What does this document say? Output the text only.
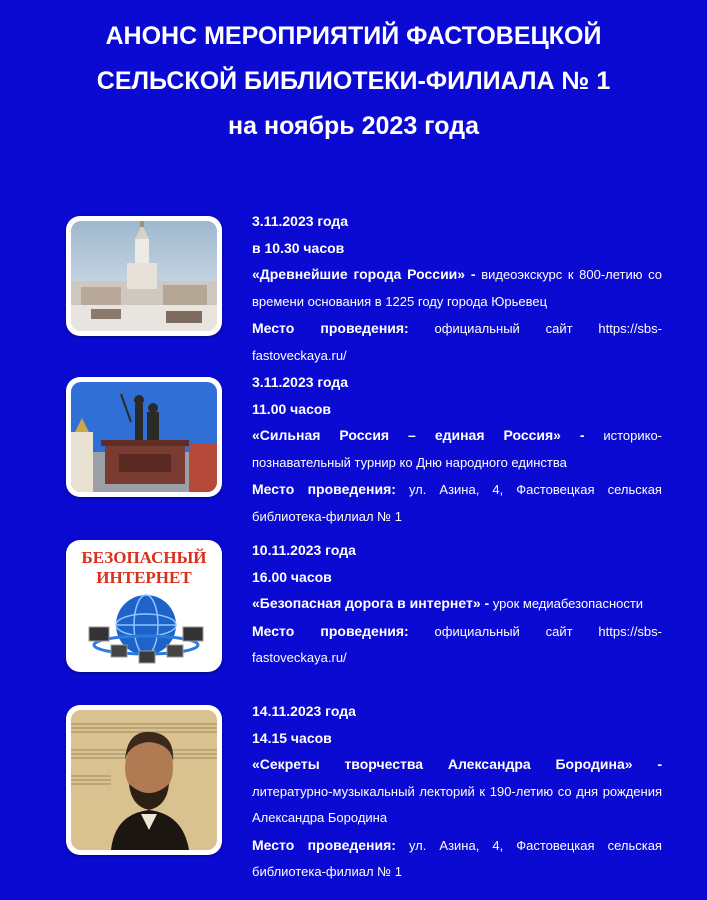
АНОНС МЕРОПРИЯТИЙ ФАСТОВЕЦКОЙ
СЕЛЬСКОЙ БИБЛИОТЕКИ-ФИЛИАЛА № 1
на ноябрь 2023 года
3.11.2023 года
в 10.30 часов
«Древнейшие города России» - видеоэкскурс к 800-летию со времени основания в 1225 году города Юрьевец
Место проведения: официальный сайт https://sbs-fastoveckaya.ru/
3.11.2023 года
11.00 часов
«Сильная Россия – единая Россия» - историко-познавательный турнир ко Дню народного единства
Место проведения: ул. Азина, 4, Фастовецкая сельская библиотека-филиал № 1
БЕЗОПАСНЫЙ
ИНТЕРНЕТ
10.11.2023 года
16.00 часов
«Безопасная дорога в интернет» - урок медиабезопасности
Место проведения: официальный сайт https://sbs-fastoveckaya.ru/
14.11.2023 года
14.15 часов
«Секреты творчества Александра Бородина» - литературно-музыкальный лекторий к 190-летию со дня рождения Александра Бородина
Место проведения: ул. Азина, 4, Фастовецкая сельская библиотека-филиал № 1
